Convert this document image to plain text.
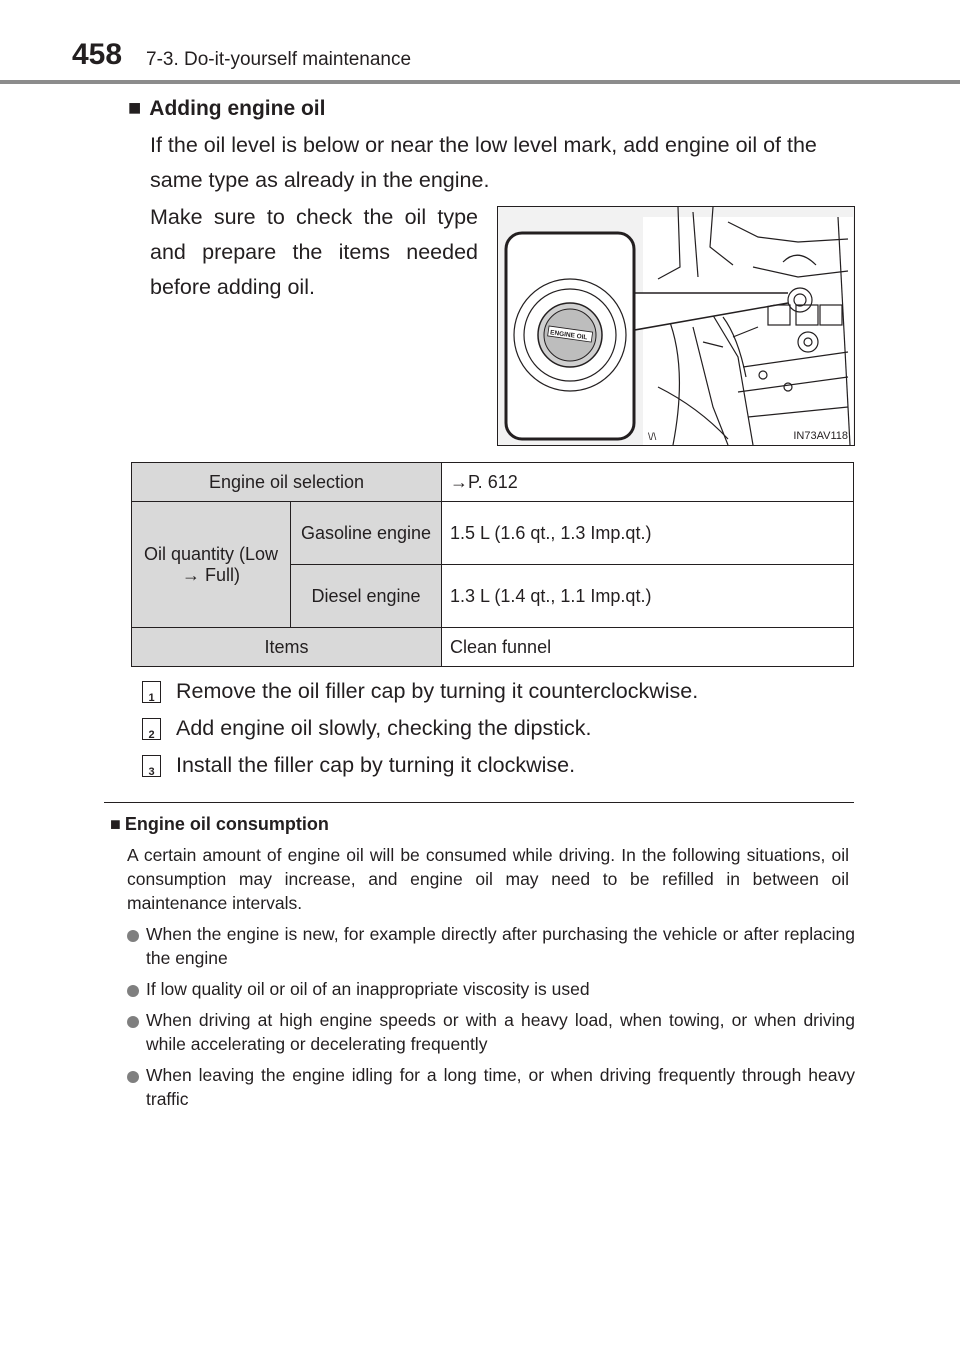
458 7-3. Do-it-yourself maintenance
■ Adding engine oil
If the oil level is below or near the low level mark, add engine oil of the same type as already in the engine.
Make sure to check the oil type and prepare the items needed before adding oil.
ENGINE OIL
\/\	IN73AV118
Engine oil selection		→P. 612
Oil quantity (Low → Full)	Gasoline engine	1.5 L (1.6 qt., 1.3 Imp.qt.)
	Diesel engine	1.3 L (1.4 qt., 1.1 Imp.qt.)
Items		Clean funnel
1 Remove the oil filler cap by turning it counterclockwise.
2 Add engine oil slowly, checking the dipstick.
3 Install the filler cap by turning it clockwise.
■ Engine oil consumption
A certain amount of engine oil will be consumed while driving. In the following situations, oil consumption may increase, and engine oil may need to be refilled in between oil maintenance intervals.
When the engine is new, for example directly after purchasing the vehicle or after replacing the engine
If low quality oil or oil of an inappropriate viscosity is used
When driving at high engine speeds or with a heavy load, when towing, or when driving while accelerating or decelerating frequently
When leaving the engine idling for a long time, or when driving frequently through heavy traffic
